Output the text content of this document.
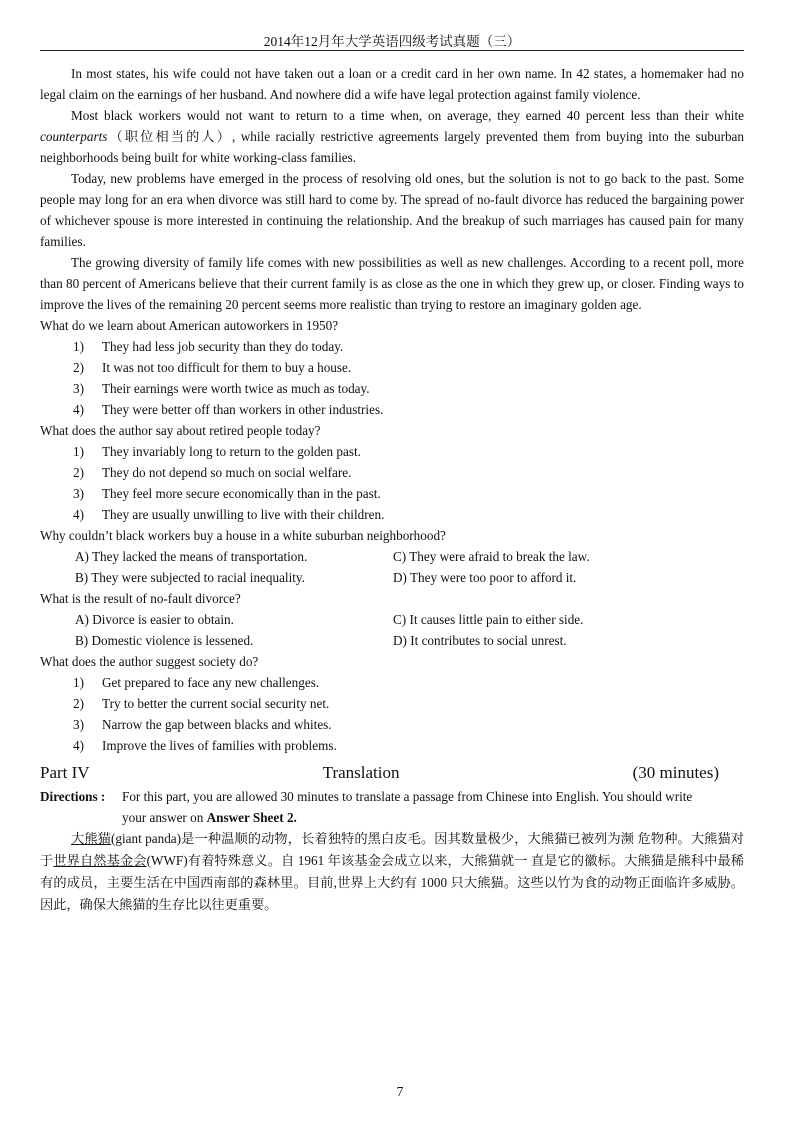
2014年12月年大学英语四级考试真题（三）

In most states, his wife could not have taken out a loan or a credit card in her own name. In 42 states, a homemaker had no legal claim on the earnings of her husband. And nowhere did a wife have legal protection against family violence.

Most black workers would not want to return to a time when, on average, they earned 40 percent less than their white counterparts（职位相当的人）, while racially restrictive agreements largely prevented them from buying into the suburban neighborhoods being built for white working-class families.

Today, new problems have emerged in the process of resolving old ones, but the solution is not to go back to the past. Some people may long for an era when divorce was still hard to come by. The spread of no-fault divorce has reduced the bargaining power of whichever spouse is more interested in continuing the relationship. And the breakup of such marriages has caused pain for many families.

The growing diversity of family life comes with new possibilities as well as new challenges. According to a recent poll, more than 80 percent of Americans believe that their current family is as close as the one in which they grew up, or closer. Finding ways to improve the lives of the remaining 20 percent seems more realistic than trying to restore an imaginary golden age.

What do we learn about American autoworkers in 1950?

1)	They had less job security than they do today.

2)	It was not too difficult for them to buy a house.

3)	Their earnings were worth twice as much as today.

4)	They were better off than workers in other industries.

What does the author say about retired people today?

1)	They invariably long to return to the golden past.

2)	They do not depend so much on social welfare.

3)	They feel more secure economically than in the past.

4)	They are usually unwilling to live with their children.

Why couldn’t black workers buy a house in a white suburban neighborhood?

A) They lacked the means of transportation.	C) They were afraid to break the law.

B) They were subjected to racial inequality.	D) They were too poor to afford it.

What is the result of no-fault divorce?

A) Divorce is easier to obtain.	C) It causes little pain to either side.

B) Domestic violence is lessened.	D) It contributes to social unrest.

What does the author suggest society do?

1)	Get prepared to face any new challenges.

2)	Try to better the current social security net.

3)	Narrow the gap between blacks and whites.

4)	Improve the lives of families with problems.

Part IV	Translation	(30 minutes)

Directions :	For this part, you are allowed 30 minutes to translate a passage from Chinese into English. You should write

your answer on Answer Sheet 2.

大熊猫(giant panda)是一种温顺的动物，长着独特的黑白皮毛。因其数量极少，大熊猫已被列为濒 危物种。大熊猫对于世界自然基金会(WWF)有着特殊意义。自 1961 年该基金会成立以来，大熊猫就一 直是它的徽标。大熊猫是熊科中最稀有的成员，主要生活在中国西南部的森林里。目前,世界上大约有 1000 只大熊猫。这些以竹为食的动物正面临许多威胁。因此，确保大熊猫的生存比以往更重要。

7
